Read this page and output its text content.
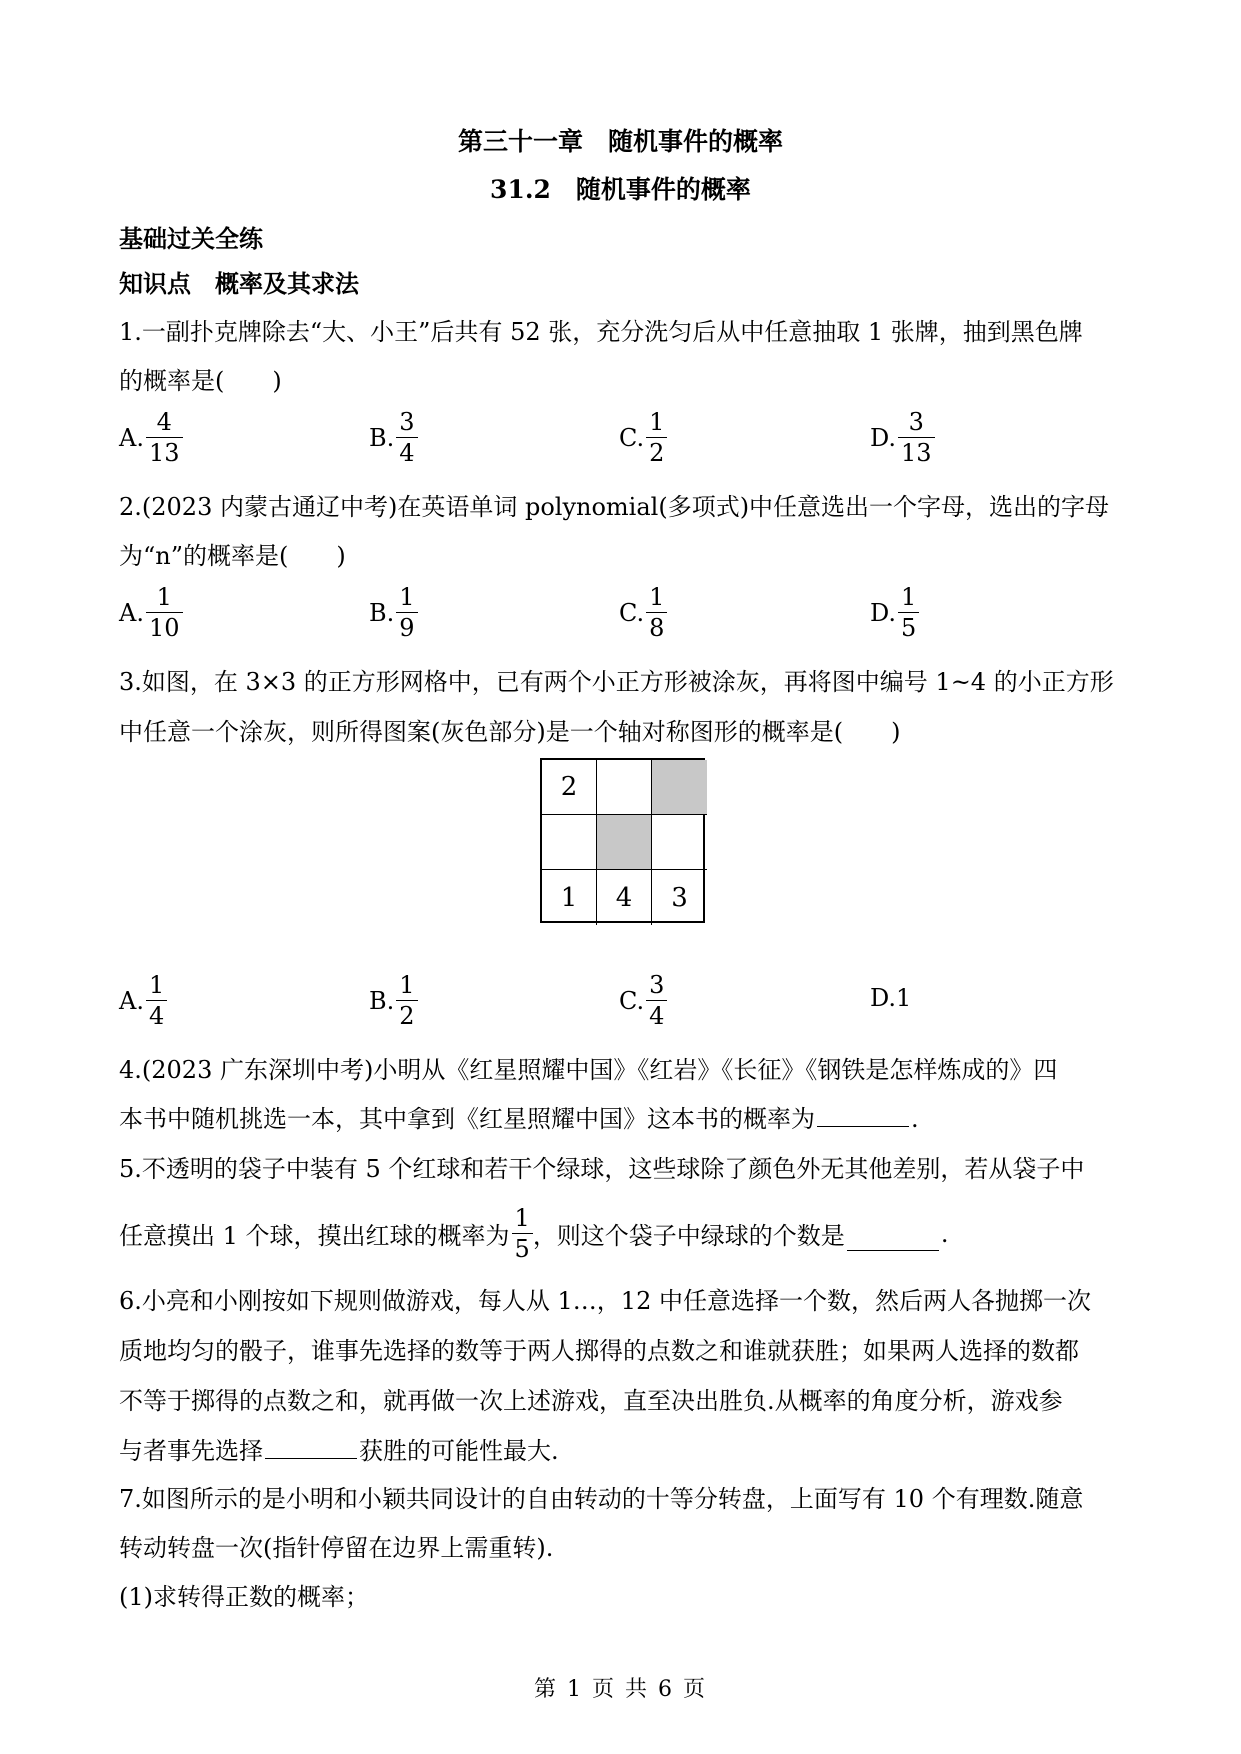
第三十一章　随机事件的概率
31.2　随机事件的概率
基础过关全练
知识点　概率及其求法
1.一副扑克牌除去“大、小王”后共有 52 张，充分洗匀后从中任意抽取 1 张牌，抽到黑色牌
的概率是(　　)
A. $\frac{4}{13}$	B. $\frac{3}{4}$	C. $\frac{1}{2}$	D. $\frac{3}{13}$
2.(2023 内蒙古通辽中考)在英语单词 polynomial(多项式)中任意选出一个字母，选出的字母
为“n”的概率是(　　)
A. $\frac{1}{10}$	B. $\frac{1}{9}$	C. $\frac{1}{8}$	D. $\frac{1}{5}$
3.如图，在 3×3 的正方形网格中，已有两个小正方形被涂灰，再将图中编号 1~4 的小正方形
中任意一个涂灰，则所得图案(灰色部分)是一个轴对称图形的概率是(　　)
2
1	4	3
A. $\frac{1}{4}$	B. $\frac{1}{2}$	C. $\frac{3}{4}$	D. 1
4.(2023 广东深圳中考)小明从《红星照耀中国》《红岩》《长征》《钢铁是怎样炼成的》四
本书中随机挑选一本，其中拿到《红星照耀中国》这本书的概率为	.
5.不透明的袋子中装有 5 个红球和若干个绿球，这些球除了颜色外无其他差别，若从袋子中
任意摸出 1 个球，摸出红球的概率为 $\frac{1}{5}$ ，则这个袋子中绿球的个数是	.
6.小亮和小刚按如下规则做游戏，每人从 1…，12 中任意选择一个数，然后两人各抛掷一次
质地均匀的骰子，谁事先选择的数等于两人掷得的点数之和谁就获胜；如果两人选择的数都
不等于掷得的点数之和，就再做一次上述游戏，直至决出胜负.从概率的角度分析，游戏参
与者事先选择	获胜的可能性最大.
7.如图所示的是小明和小颖共同设计的自由转动的十等分转盘，上面写有 10 个有理数.随意
转动转盘一次(指针停留在边界上需重转).
(1)求转得正数的概率；
第 1 页 共 6 页
